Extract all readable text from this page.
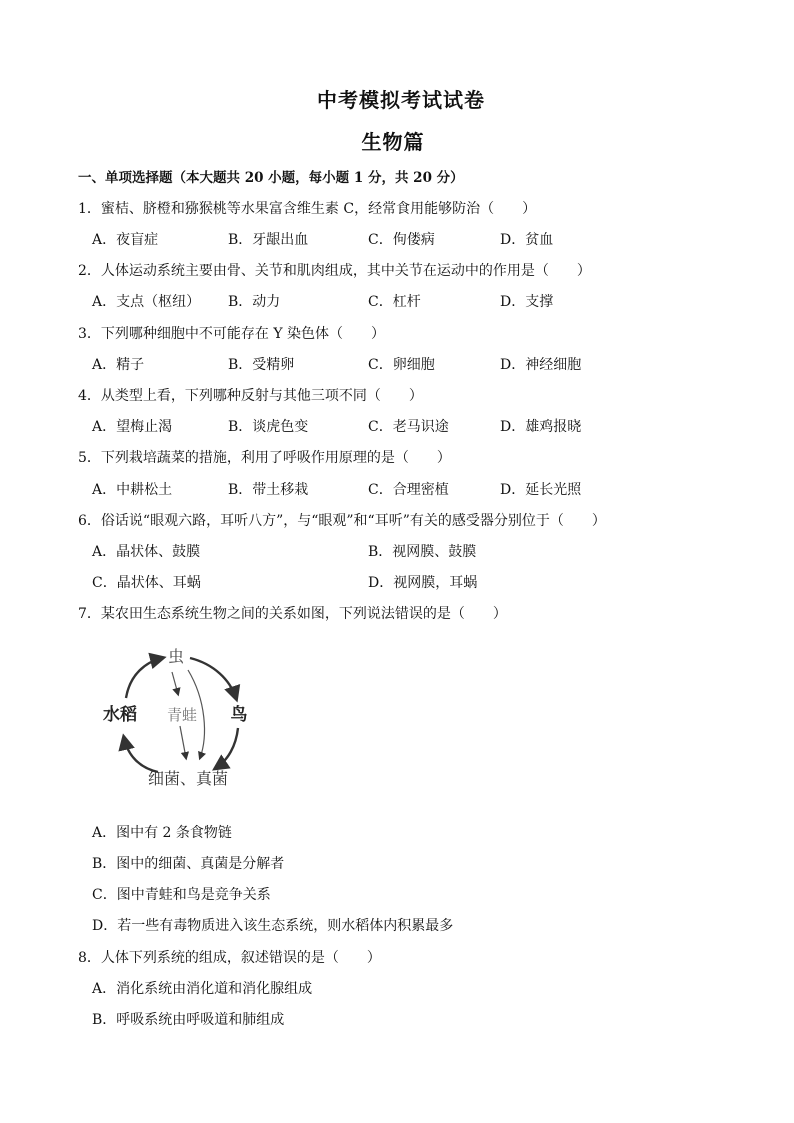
中考模拟考试试卷
生物篇
一、单项选择题（本大题共 20 小题，每小题 1 分，共 20 分）
1．蜜桔、脐橙和猕猴桃等水果富含维生素 C，经常食用能够防治（　　）
A．夜盲症	B．牙龈出血	C．佝偻病	D．贫血
2．人体运动系统主要由骨、关节和肌肉组成，其中关节在运动中的作用是（　　）
A．支点（枢纽） B．动力	C．杠杆	D．支撑
3．下列哪种细胞中不可能存在 Y 染色体（　　）
A．精子	B．受精卵	C．卵细胞	D．神经细胞
4．从类型上看，下列哪种反射与其他三项不同（　　）
A．望梅止渴	B．谈虎色变	C．老马识途	D．雄鸡报晓
5．下列栽培蔬菜的措施，利用了呼吸作用原理的是（　　）
A．中耕松土	B．带土移栽	C．合理密植	D．延长光照
6．俗话说“眼观六路，耳听八方”，与“眼观”和“耳听”有关的感受器分别位于（　　）
A．晶状体、鼓膜	B．视网膜、鼓膜
C．晶状体、耳蜗	D．视网膜，耳蜗
7．某农田生态系统生物之间的关系如图，下列说法错误的是（　　）
虫
水稻 青蛙 鸟
细菌、真菌
A．图中有 2 条食物链
B．图中的细菌、真菌是分解者
C．图中青蛙和鸟是竞争关系
D．若一些有毒物质进入该生态系统，则水稻体内积累最多
8．人体下列系统的组成，叙述错误的是（　　）
A．消化系统由消化道和消化腺组成
B．呼吸系统由呼吸道和肺组成
